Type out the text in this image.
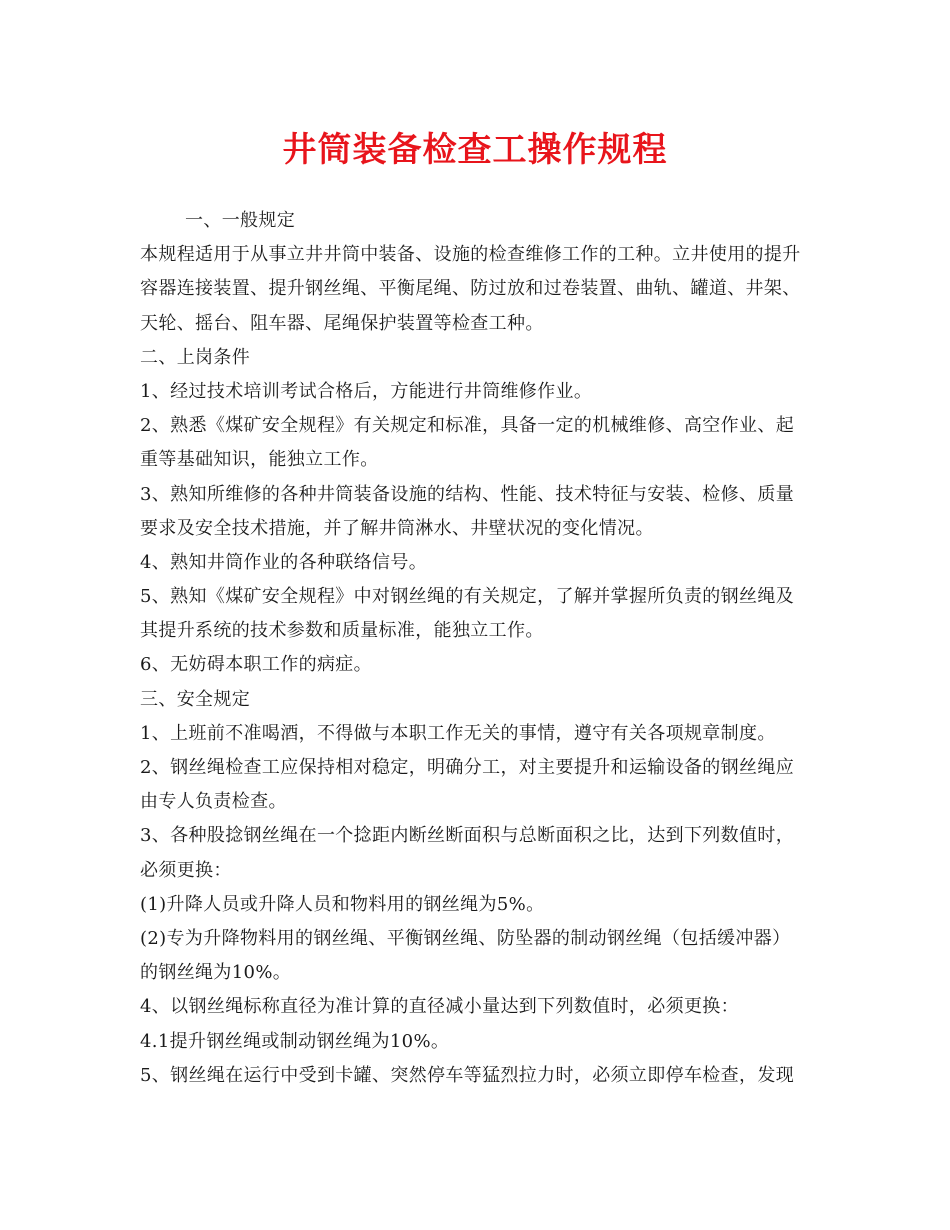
井筒装备检查工操作规程
一、一般规定
本规程适用于从事立井井筒中装备、设施的检查维修工作的工种。立井使用的提升
容器连接装置、提升钢丝绳、平衡尾绳、防过放和过卷装置、曲轨、罐道、井架、
天轮、摇台、阻车器、尾绳保护装置等检查工种。
二、上岗条件
1、经过技术培训考试合格后，方能进行井筒维修作业。
2、熟悉《煤矿安全规程》有关规定和标准，具备一定的机械维修、高空作业、起
重等基础知识，能独立工作。
3、熟知所维修的各种井筒装备设施的结构、性能、技术特征与安装、检修、质量
要求及安全技术措施，并了解井筒淋水、井壁状况的变化情况。
4、熟知井筒作业的各种联络信号。
5、熟知《煤矿安全规程》中对钢丝绳的有关规定，了解并掌握所负责的钢丝绳及
其提升系统的技术参数和质量标准，能独立工作。
6、无妨碍本职工作的病症。
三、安全规定
1、上班前不准喝酒，不得做与本职工作无关的事情，遵守有关各项规章制度。
2、钢丝绳检查工应保持相对稳定，明确分工，对主要提升和运输设备的钢丝绳应
由专人负责检查。
3、各种股捻钢丝绳在一个捻距内断丝断面积与总断面积之比，达到下列数值时，
必须更换：
(1)升降人员或升降人员和物料用的钢丝绳为5%。
(2)专为升降物料用的钢丝绳、平衡钢丝绳、防坠器的制动钢丝绳（包括缓冲器）
的钢丝绳为10%。
4、以钢丝绳标称直径为准计算的直径减小量达到下列数值时，必须更换：
4.1提升钢丝绳或制动钢丝绳为10%。
5、钢丝绳在运行中受到卡罐、突然停车等猛烈拉力时，必须立即停车检查，发现
